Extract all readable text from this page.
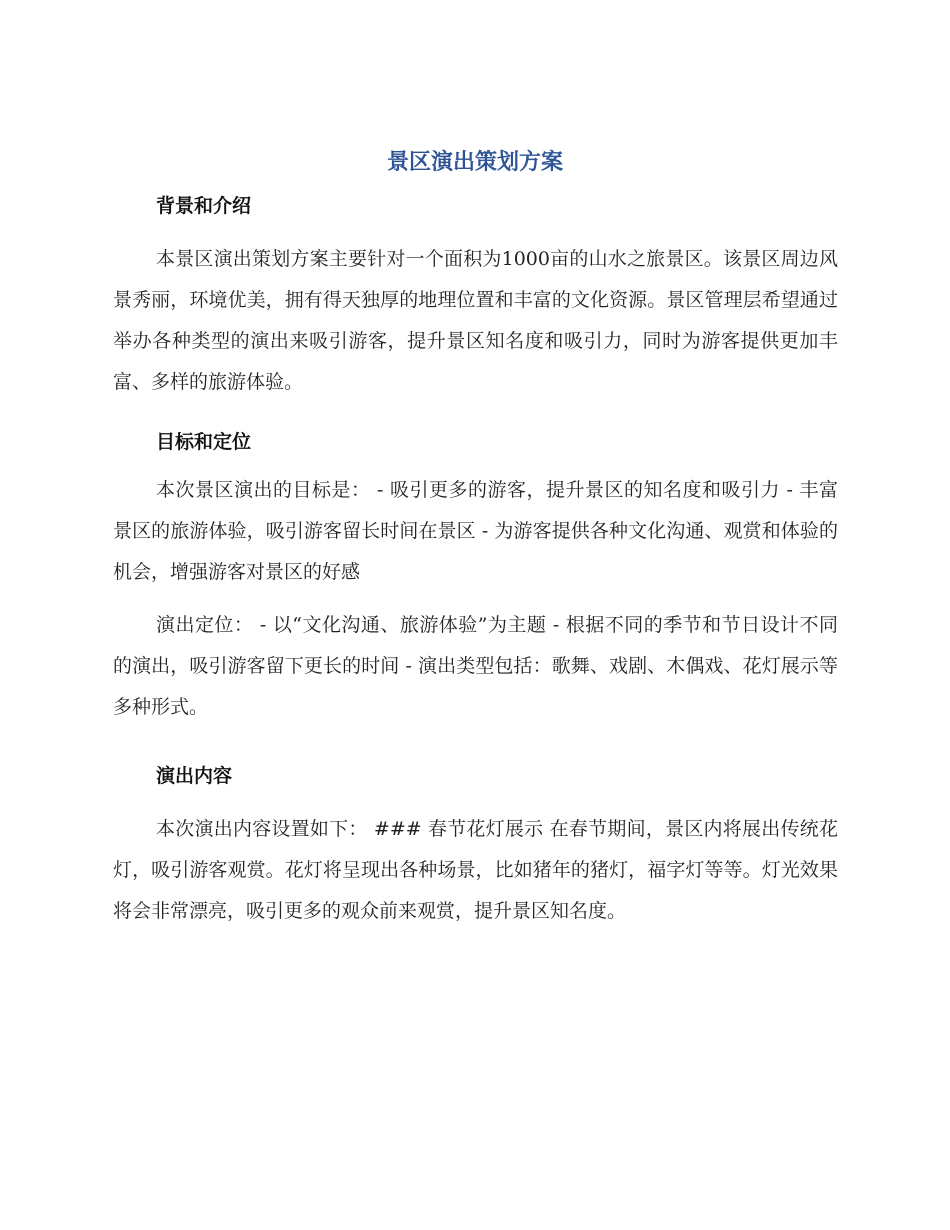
景区演出策划方案
背景和介绍

本景区演出策划方案主要针对一个面积为1000亩的山水之旅景区。该景区周边风景秀丽，环境优美，拥有得天独厚的地理位置和丰富的文化资源。景区管理层希望通过举办各种类型的演出来吸引游客，提升景区知名度和吸引力，同时为游客提供更加丰富、多样的旅游体验。

目标和定位

本次景区演出的目标是： - 吸引更多的游客，提升景区的知名度和吸引力 - 丰富景区的旅游体验，吸引游客留长时间在景区 - 为游客提供各种文化沟通、观赏和体验的机会，增强游客对景区的好感

演出定位： - 以“文化沟通、旅游体验”为主题 - 根据不同的季节和节日设计不同的演出，吸引游客留下更长的时间 - 演出类型包括：歌舞、戏剧、木偶戏、花灯展示等多种形式。

演出内容

本次演出内容设置如下： ### 春节花灯展示 在春节期间，景区内将展出传统花灯，吸引游客观赏。花灯将呈现出各种场景，比如猪年的猪灯，福字灯等等。灯光效果将会非常漂亮，吸引更多的观众前来观赏，提升景区知名度。
